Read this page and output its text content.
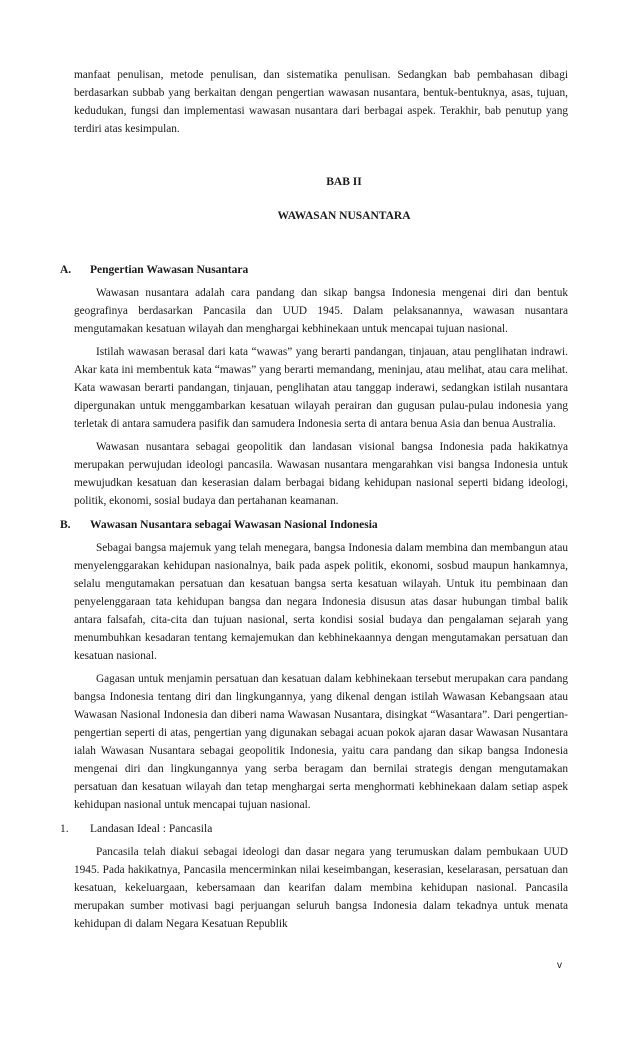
manfaat penulisan, metode penulisan, dan sistematika penulisan. Sedangkan bab pembahasan dibagi berdasarkan subbab yang berkaitan dengan pengertian wawasan nusantara, bentuk-bentuknya, asas, tujuan, kedudukan, fungsi dan implementasi wawasan nusantara dari berbagai aspek. Terakhir, bab penutup yang terdiri atas kesimpulan.

BAB II

WAWASAN NUSANTARA

A.	Pengertian Wawasan Nusantara

Wawasan nusantara adalah cara pandang dan sikap bangsa Indonesia mengenai diri dan bentuk geografinya berdasarkan Pancasila dan UUD 1945. Dalam pelaksanannya, wawasan nusantara mengutamakan kesatuan wilayah dan menghargai kebhinekaan untuk mencapai tujuan nasional.

Istilah wawasan berasal dari kata “wawas” yang berarti pandangan, tinjauan, atau penglihatan indrawi. Akar kata ini membentuk kata “mawas” yang berarti memandang, meninjau, atau melihat, atau cara melihat. Kata wawasan berarti pandangan, tinjauan, penglihatan atau tanggap inderawi, sedangkan istilah nusantara dipergunakan untuk menggambarkan kesatuan wilayah perairan dan gugusan pulau-pulau indonesia yang terletak di antara samudera pasifik dan samudera Indonesia serta di antara benua Asia dan benua Australia.

Wawasan nusantara sebagai geopolitik dan landasan visional bangsa Indonesia pada hakikatnya merupakan perwujudan ideologi pancasila. Wawasan nusantara mengarahkan visi bangsa Indonesia untuk mewujudkan kesatuan dan keserasian dalam berbagai bidang kehidupan nasional seperti bidang ideologi, politik, ekonomi, sosial budaya dan pertahanan keamanan.

B.	Wawasan Nusantara sebagai Wawasan Nasional Indonesia

Sebagai bangsa majemuk yang telah menegara, bangsa Indonesia dalam membina dan membangun atau menyelenggarakan kehidupan nasionalnya, baik pada aspek politik, ekonomi, sosbud maupun hankamnya, selalu mengutamakan persatuan dan kesatuan bangsa serta kesatuan wilayah. Untuk itu pembinaan dan penyelenggaraan tata kehidupan bangsa dan negara Indonesia disusun atas dasar hubungan timbal balik antara falsafah, cita-cita dan tujuan nasional, serta kondisi sosial budaya dan pengalaman sejarah yang menumbuhkan kesadaran tentang kemajemukan dan kebhinekaannya dengan mengutamakan persatuan dan kesatuan nasional.

Gagasan untuk menjamin persatuan dan kesatuan dalam kebhinekaan tersebut merupakan cara pandang bangsa Indonesia tentang diri dan lingkungannya, yang dikenal dengan istilah Wawasan Kebangsaan atau Wawasan Nasional Indonesia dan diberi nama Wawasan Nusantara, disingkat “Wasantara”. Dari pengertian-pengertian seperti di atas, pengertian yang digunakan sebagai acuan pokok ajaran dasar Wawasan Nusantara ialah Wawasan Nusantara sebagai geopolitik Indonesia, yaitu cara pandang dan sikap bangsa Indonesia mengenai diri dan lingkungannya yang serba beragam dan bernilai strategis dengan mengutamakan persatuan dan kesatuan wilayah dan tetap menghargai serta menghormati kebhinekaan dalam setiap aspek kehidupan nasional untuk mencapai tujuan nasional.

1.	Landasan Ideal : Pancasila

Pancasila telah diakui sebagai ideologi dan dasar negara yang terumuskan dalam pembukaan UUD 1945. Pada hakikatnya, Pancasila mencerminkan nilai keseimbangan, keserasian, keselarasan, persatuan dan kesatuan, kekeluargaan, kebersamaan dan kearifan dalam membina kehidupan nasional. Pancasila merupakan sumber motivasi bagi perjuangan seluruh bangsa Indonesia dalam tekadnya untuk menata kehidupan di dalam Negara Kesatuan Republik

v
